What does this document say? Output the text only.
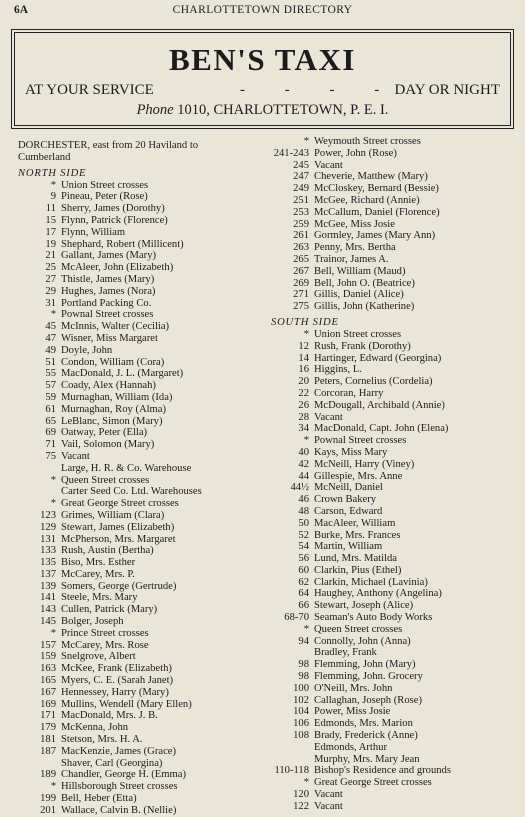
6A	CHARLOTTETOWN DIRECTORY
BEN'S TAXI
AT YOUR SERVICE	- - - -
DAY OR NIGHT
Phone 1010, CHARLOTTETOWN, P. E. I.
DORCHESTER, east from 20 Haviland to
Cumberland
NORTH SIDE
* Union Street crosses
9 Pineau, Peter (Rose)
11 Sherry, James (Dorothy)
15 Flynn, Patrick (Florence)
17 Flynn, William
19 Shephard, Robert (Millicent)
21 Gallant, James (Mary)
25 McAleer, John (Elizabeth)
27 Thistle, James (Mary)
29 Hughes, James (Nora)
31 Portland Packing Co.
* Pownal Street crosses
45 McInnis, Walter (Cecilia)
47 Wisner, Miss Margaret
49 Doyle, John
51 Condon, William (Cora)
55 MacDonald, J. L. (Margaret)
57 Coady, Alex (Hannah)
59 Murnaghan, William (Ida)
61 Murnaghan, Roy (Alma)
65 LeBlanc, Simon (Mary)
69 Oatway, Peter (Ella)
71 Vail, Solomon (Mary)
75 Vacant
Large, H. R. & Co. Warehouse
* Queen Street crosses
Carter Seed Co. Ltd. Warehouses
* Great George Street crosses
123 Grimes, William (Clara)
129 Stewart, James (Elizabeth)
131 McPherson, Mrs. Margaret
133 Rush, Austin (Bertha)
135 Biso, Mrs. Esther
137 McCarey, Mrs. P.
139 Somers, George (Gertrude)
141 Steele, Mrs. Mary
143 Cullen, Patrick (Mary)
145 Bolger, Joseph
* Prince Street crosses
157 McCarey, Mrs. Rose
159 Snelgrove, Albert
163 McKee, Frank (Elizabeth)
165 Myers, C. E. (Sarah Janet)
167 Hennessey, Harry (Mary)
169 Mullins, Wendell (Mary Ellen)
171 MacDonald, Mrs. J. B.
179 McKenna, John
181 Stetson, Mrs. H. A.
187 MacKenzie, James (Grace)
Shaver, Carl (Georgina)
189 Chandler, George H. (Emma)
* Hillsborough Street crosses
199 Bell, Heber (Etta)
201 Wallace, Calvin B. (Nellie)
* Weymouth Street crosses
241-243 Power, John (Rose)
245 Vacant
247 Cheverie, Matthew (Mary)
249 McCloskey, Bernard (Bessie)
251 McGee, Richard (Annie)
253 McCallum, Daniel (Florence)
259 McGee, Miss Josie
261 Gormley, James (Mary Ann)
263 Penny, Mrs. Bertha
265 Trainor, James A.
267 Bell, William (Maud)
269 Bell, John O. (Beatrice)
271 Gillis, Daniel (Alice)
275 Gillis, John (Katherine)
SOUTH SIDE
* Union Street crosses
12 Rush, Frank (Dorothy)
14 Hartinger, Edward (Georgina)
16 Higgins, L.
20 Peters, Cornelius (Cordelia)
22 Corcoran, Harry
26 McDougall, Archibald (Annie)
28 Vacant
34 MacDonald, Capt. John (Elena)
* Pownal Street crosses
40 Kays, Miss Mary
42 McNeill, Harry (Viney)
44 Gillespie, Mrs. Anne
44½ McNeill, Daniel
46 Crown Bakery
48 Carson, Edward
50 MacAleer, William
52 Burke, Mrs. Frances
54 Martin, William
56 Lund, Mrs. Matilda
60 Clarkin, Pius (Ethel)
62 Clarkin, Michael (Lavinia)
64 Haughey, Anthony (Angelina)
66 Stewart, Joseph (Alice)
68-70 Seaman's Auto Body Works
* Queen Street crosses
94 Connolly, John (Anna)
Bradley, Frank
98 Flemming, John (Mary)
98 Flemming, John. Grocery
100 O'Neill, Mrs. John
102 Callaghan, Joseph (Rose)
104 Power, Miss Josie
106 Edmonds, Mrs. Marion
108 Brady, Frederick (Anne)
Edmonds, Arthur
Murphy, Mrs. Mary Jean
110-118 Bishop's Residence and grounds
* Great George Street crosses
120 Vacant
122 Vacant
